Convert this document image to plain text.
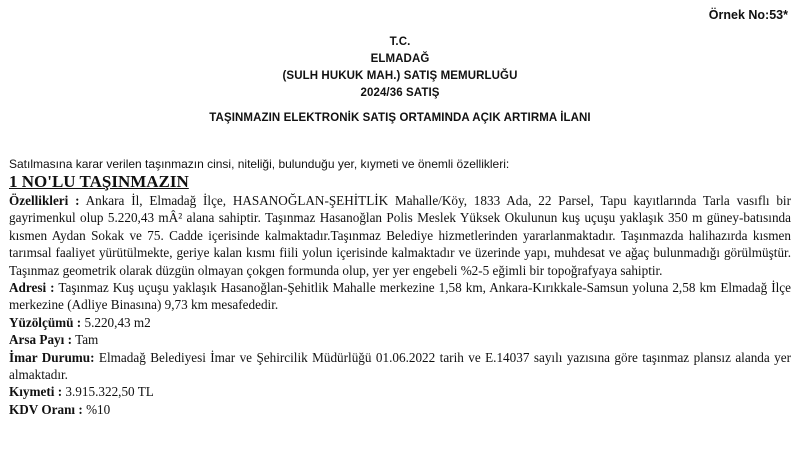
Örnek No:53*
T.C.
ELMADAĞ
(SULH HUKUK MAH.) SATIŞ MEMURLUĞU
2024/36 SATIŞ
TAŞINMAZIN ELEKTRONİK SATIŞ ORTAMINDA AÇIK ARTIRMA İLANI
Satılmasına karar verilen taşınmazın cinsi, niteliği, bulunduğu yer, kıymeti ve önemli özellikleri:
1 NO'LU TAŞINMAZIN

Özellikleri : Ankara İl, Elmadağ İlçe, HASANOĞLAN-ŞEHİTLİK Mahalle/Köy, 1833 Ada, 22 Parsel, Tapu kayıtlarında Tarla vasıflı bir gayrimenkul olup 5.220,43 mÂ² alana sahiptir. Taşınmaz Hasanoğlan Polis Meslek Yüksek Okulunun kuş uçuşu yaklaşık 350 m güney-batısında kısmen Aydan Sokak ve 75. Cadde içerisinde kalmaktadır.Taşınmaz Belediye hizmetlerinden yararlanmaktadır. Taşınmazda halihazırda kısmen tarımsal faaliyet yürütülmekte, geriye kalan kısmı fiili yolun içerisinde kalmaktadır ve üzerinde yapı, muhdesat ve ağaç bulunmadığı görülmüştür. Taşınmaz geometrik olarak düzgün olmayan çokgen formunda olup, yer yer engebeli %2-5 eğimli bir topoğrafyaya sahiptir.

Adresi : Taşınmaz Kuş uçuşu yaklaşık Hasanoğlan-Şehitlik Mahalle merkezine 1,58 km, Ankara-Kırıkkale-Samsun yoluna 2,58 km Elmadağ İlçe merkezine (Adliye Binasına) 9,73 km mesafededir.

Yüzölçümü : 5.220,43 m2

Arsa Payı : Tam

İmar Durumu: Elmadağ Belediyesi İmar ve Şehircilik Müdürlüğü 01.06.2022 tarih ve E.14037 sayılı yazısına göre taşınmaz plansız alanda yer almaktadır.

Kıymeti : 3.915.322,50 TL

KDV Oranı : %10
